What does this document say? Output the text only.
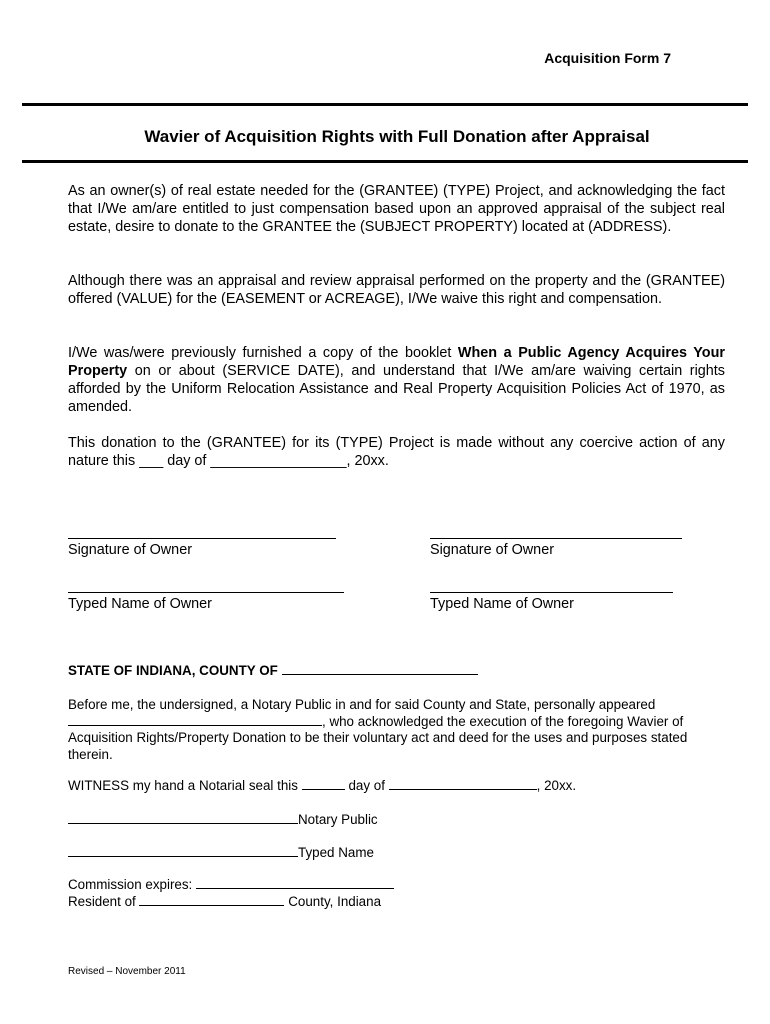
Acquisition Form 7
Wavier of Acquisition Rights with Full Donation after Appraisal

As an owner(s) of real estate needed for the (GRANTEE) (TYPE) Project, and acknowledging the fact that I/We am/are entitled to just compensation based upon an approved appraisal of the subject real estate, desire to donate to the GRANTEE the (SUBJECT PROPERTY) located at (ADDRESS).

Although there was an appraisal and review appraisal performed on the property and the (GRANTEE) offered (VALUE) for the (EASEMENT or ACREAGE), I/We waive this right and compensation.

I/We was/were previously furnished a copy of the booklet When a Public Agency Acquires Your Property on or about (SERVICE DATE), and understand that I/We am/are waiving certain rights afforded by the Uniform Relocation Assistance and Real Property Acquisition Policies Act of 1970, as amended.

This donation to the (GRANTEE) for its (TYPE) Project is made without any coercive action of any nature this ___ day of _________________, 20xx.

Signature of Owner	Signature of Owner
Typed Name of Owner	Typed Name of Owner
STATE OF INDIANA, COUNTY OF

Before me, the undersigned, a Notary Public in and for said County and State, personally appeared
, who acknowledged the execution of the foregoing Wavier of Acquisition Rights/Property Donation to be their voluntary act and deed for the uses and purposes stated therein.

WITNESS my hand a Notarial seal this	day of	, 20xx.

Notary Public

Typed Name

Commission expires:
Resident of	County, Indiana

Revised – November 2011
